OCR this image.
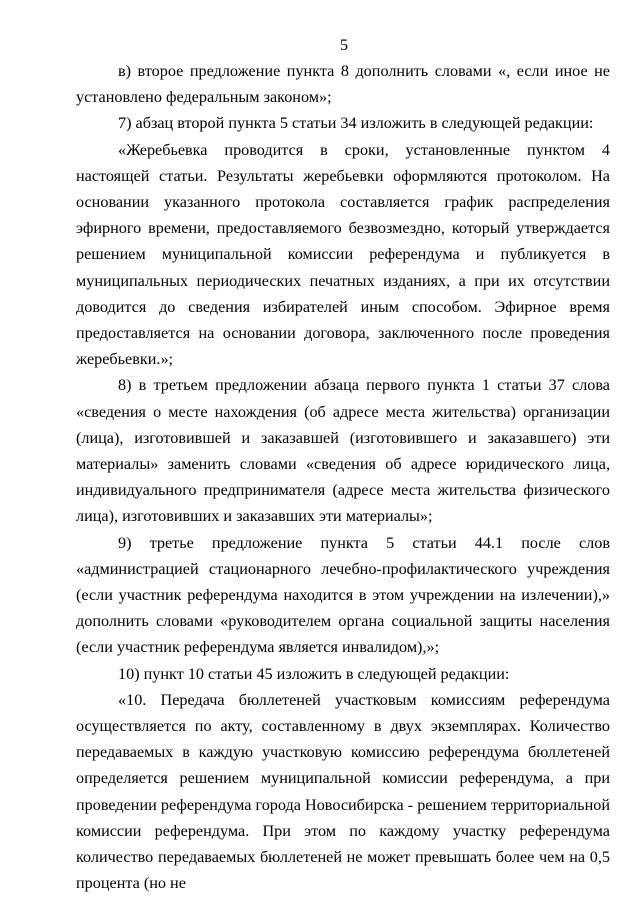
5

в) второе предложение пункта 8 дополнить словами «, если иное не установлено федеральным законом»;

7) абзац второй пункта 5 статьи 34 изложить в следующей редакции:

«Жеребьевка проводится в сроки, установленные пунктом 4 настоящей статьи. Результаты жеребьевки оформляются протоколом. На основании указанного протокола составляется график распределения эфирного времени, предоставляемого безвозмездно, который утверждается решением муниципальной комиссии референдума и публикуется в муниципальных периодических печатных изданиях, а при их отсутствии доводится до сведения избирателей иным способом. Эфирное время предоставляется на основании договора, заключенного после проведения жеребьевки.»;

8) в третьем предложении абзаца первого пункта 1 статьи 37 слова «сведения о месте нахождения (об адресе места жительства) организации (лица), изготовившей и заказавшей (изготовившего и заказавшего) эти материалы» заменить словами «сведения об адресе юридического лица, индивидуального предпринимателя (адресе места жительства физического лица), изготовивших и заказавших эти материалы»;

9) третье предложение пункта 5 статьи 44.1 после слов «администрацией стационарного лечебно-профилактического учреждения (если участник референдума находится в этом учреждении на излечении),» дополнить словами «руководителем органа социальной защиты населения (если участник референдума является инвалидом),»;

10) пункт 10 статьи 45 изложить в следующей редакции:

«10. Передача бюллетеней участковым комиссиям референдума осуществляется по акту, составленному в двух экземплярах. Количество передаваемых в каждую участковую комиссию референдума бюллетеней определяется решением муниципальной комиссии референдума, а при проведении референдума города Новосибирска - решением территориальной комиссии референдума. При этом по каждому участку референдума количество передаваемых бюллетеней не может превышать более чем на 0,5 процента (но не
